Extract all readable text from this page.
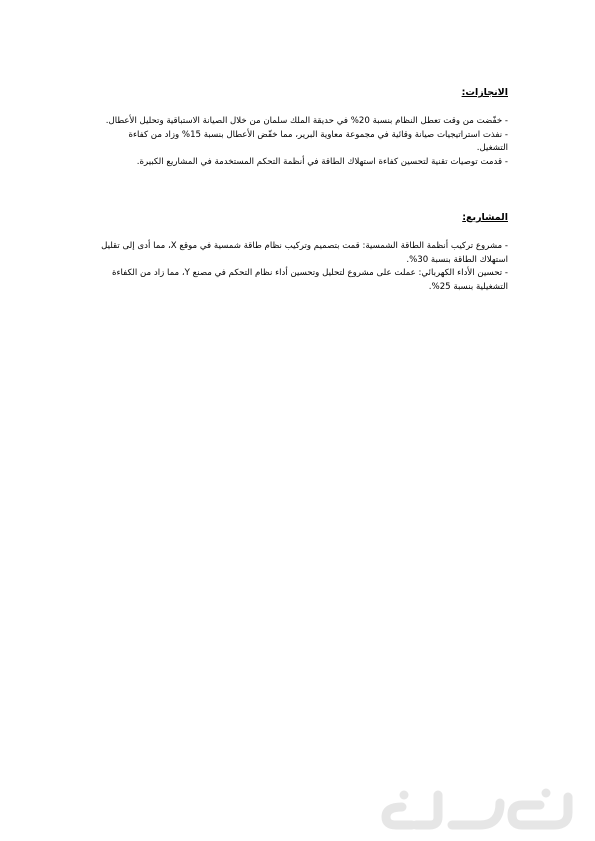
الانجازات:

- خفّضت من وقت تعطل النظام بنسبة 20% في حديقة الملك سلمان من خلال الصيانة الاستباقية وتحليل الأعطال.

- نفذت استراتيجيات صيانة وقائية في مجموعة معاوية البرير، مما خفّض الأعطال بنسبة 15% وزاد من كفاءة التشغيل.

- قدمت توصيات تقنية لتحسين كفاءة استهلاك الطاقة في أنظمة التحكم المستخدمة في المشاريع الكبيرة.

المشاريع:

- مشروع تركيب أنظمة الطاقة الشمسية: قمت بتصميم وتركيب نظام طاقة شمسية في موقع X، مما أدى إلى تقليل استهلاك الطاقة بنسبة 30%.

- تحسين الأداء الكهربائي: عملت على مشروع لتحليل وتحسين أداء نظام التحكم في مصنع Y، مما زاد من الكفاءة التشغيلية بنسبة 25%.
